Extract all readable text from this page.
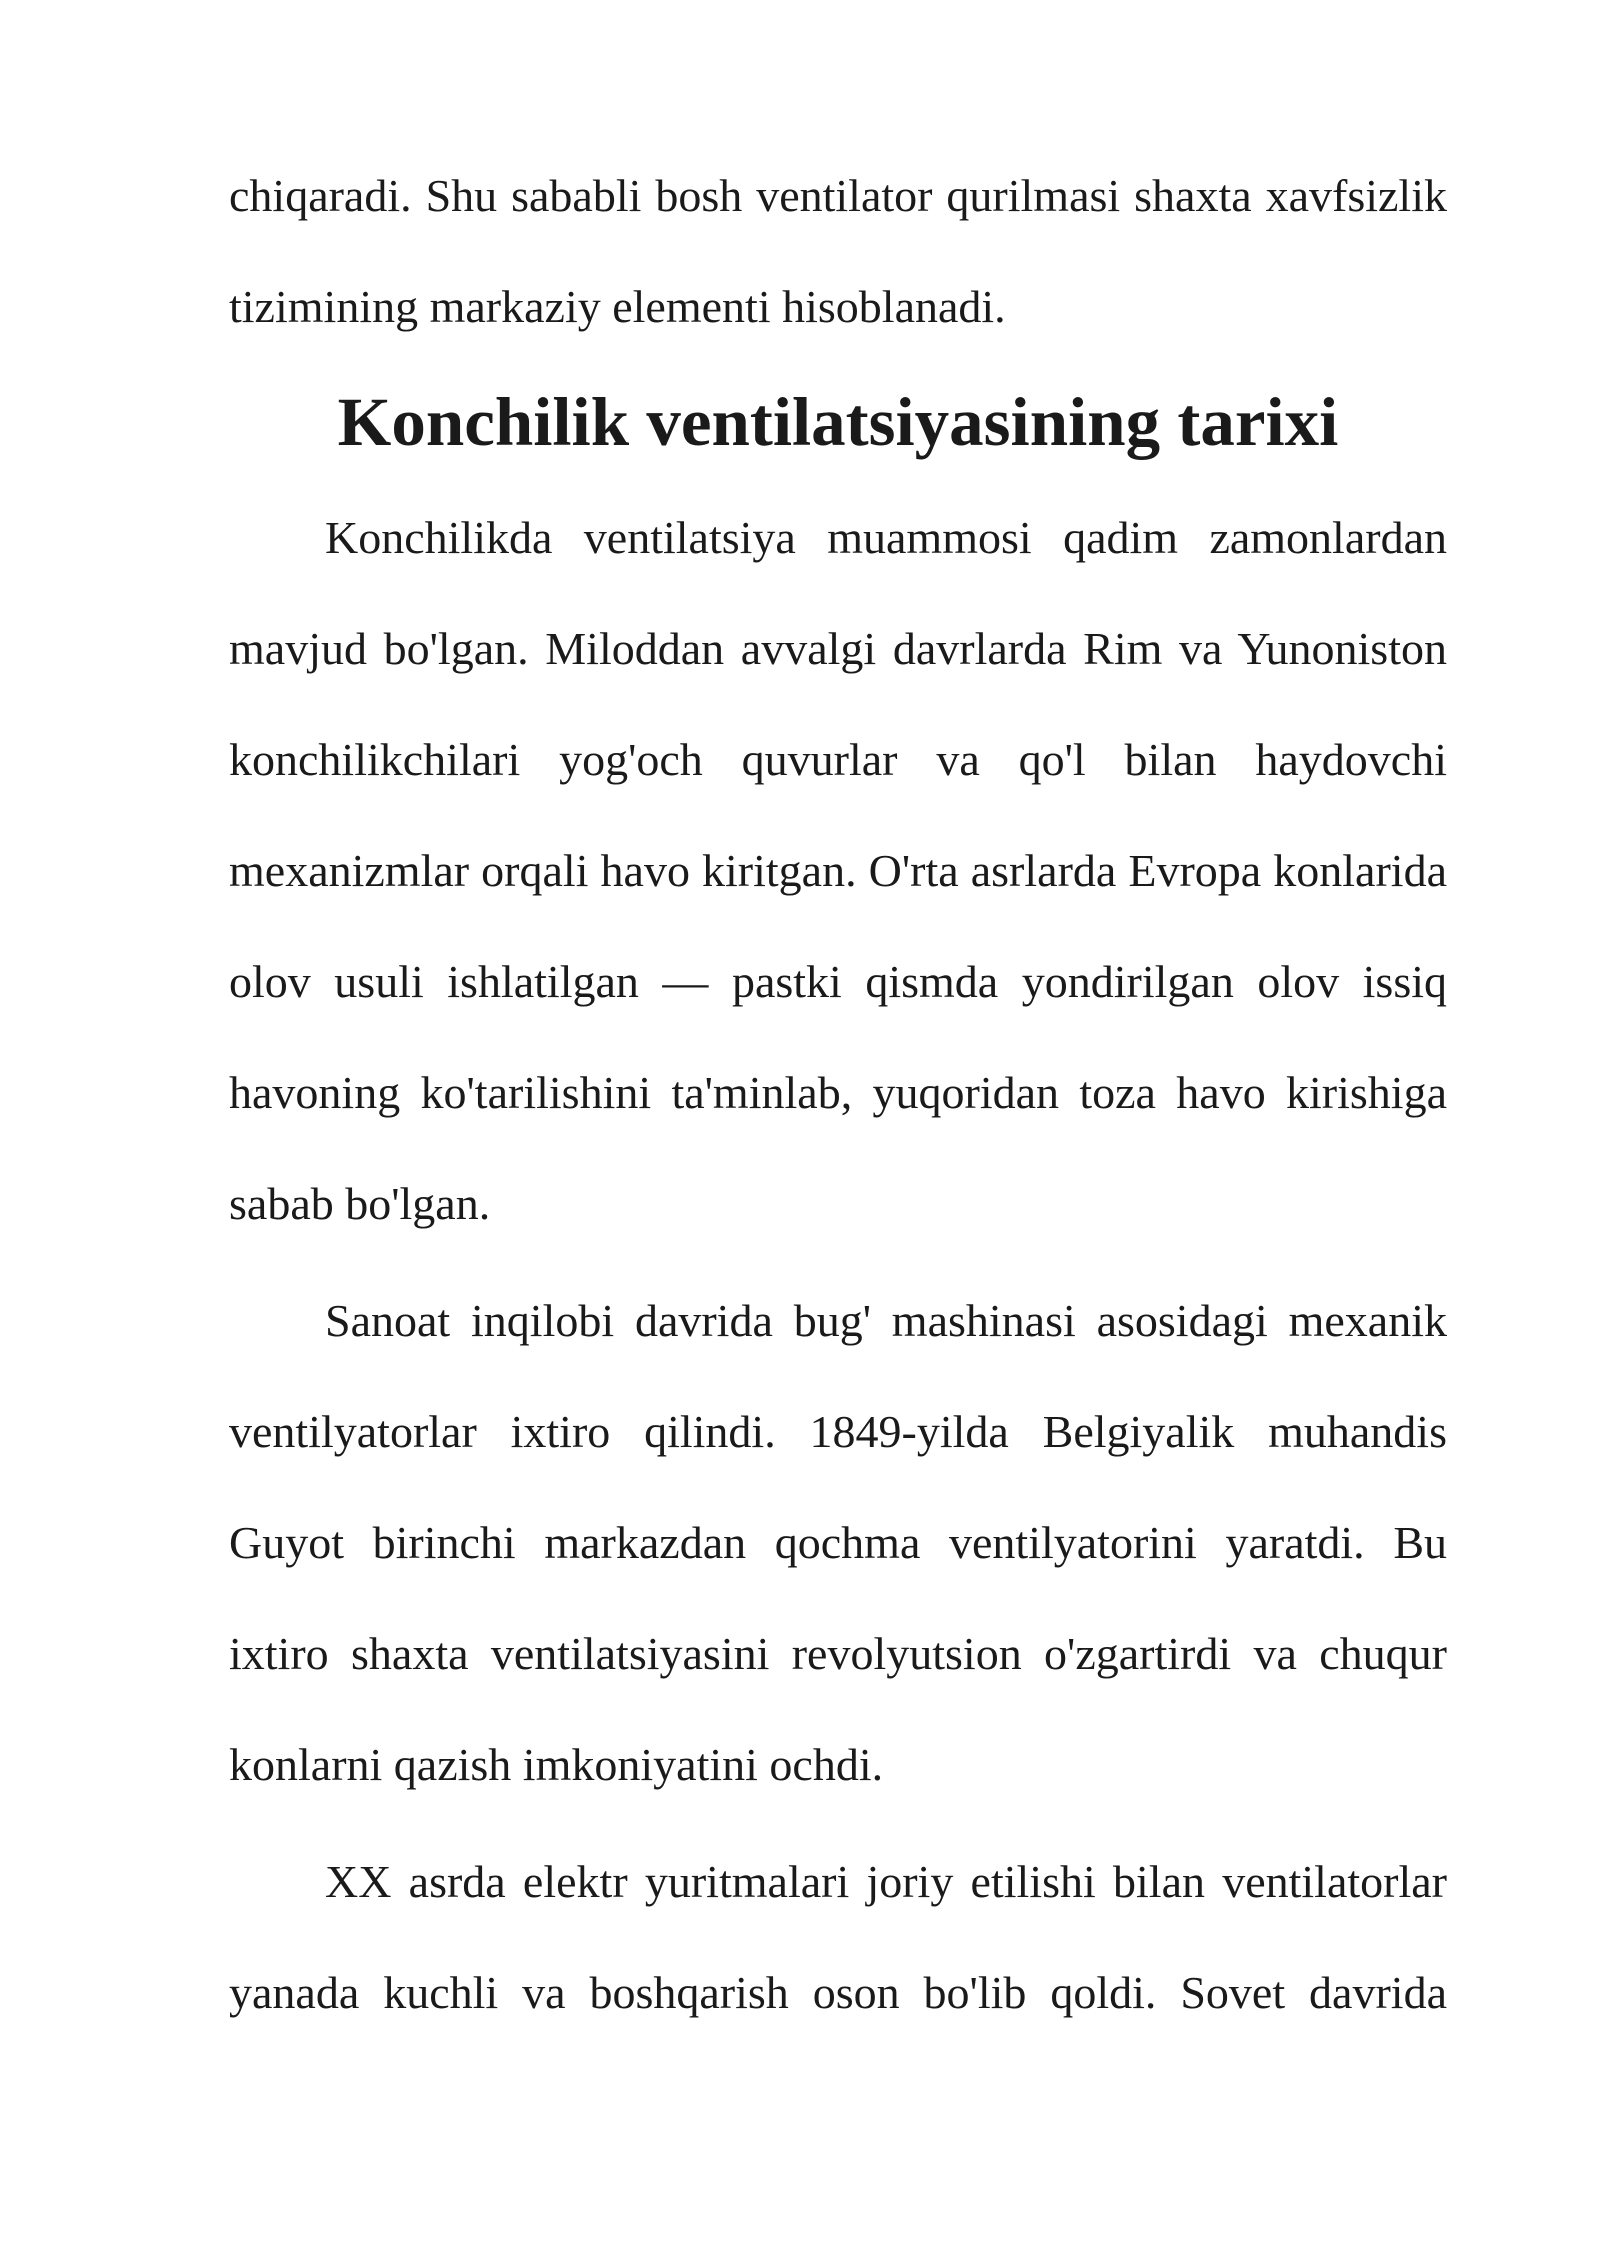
chiqaradi. Shu sababli bosh ventilator qurilmasi shaxta xavfsizlik tizimining markaziy elementi hisoblanadi.

Konchilik ventilatsiyasining tarixi

Konchilikda ventilatsiya muammosi qadim zamonlardan mavjud bo'lgan. Miloddan avvalgi davrlarda Rim va Yunoniston konchilikchilari yog'och quvurlar va qo'l bilan haydovchi mexanizmlar orqali havo kiritgan. O'rta asrlarda Evropa konlarida olov usuli ishlatilgan — pastki qismda yondirilgan olov issiq havoning ko'tarilishini ta'minlab, yuqoridan toza havo kirishiga sabab bo'lgan.

Sanoat inqilobi davrida bug' mashinasi asosidagi mexanik ventilyatorlar ixtiro qilindi. 1849-yilda Belgiyalik muhandis Guyot birinchi markazdan qochma ventilyatorini yaratdi. Bu ixtiro shaxta ventilatsiyasini revolyutsion o'zgartirdi va chuqur konlarni qazish imkoniyatini ochdi.

XX asrda elektr yuritmalari joriy etilishi bilan ventilatorlar yanada kuchli va boshqarish oson bo'lib qoldi. Sovet davrida
